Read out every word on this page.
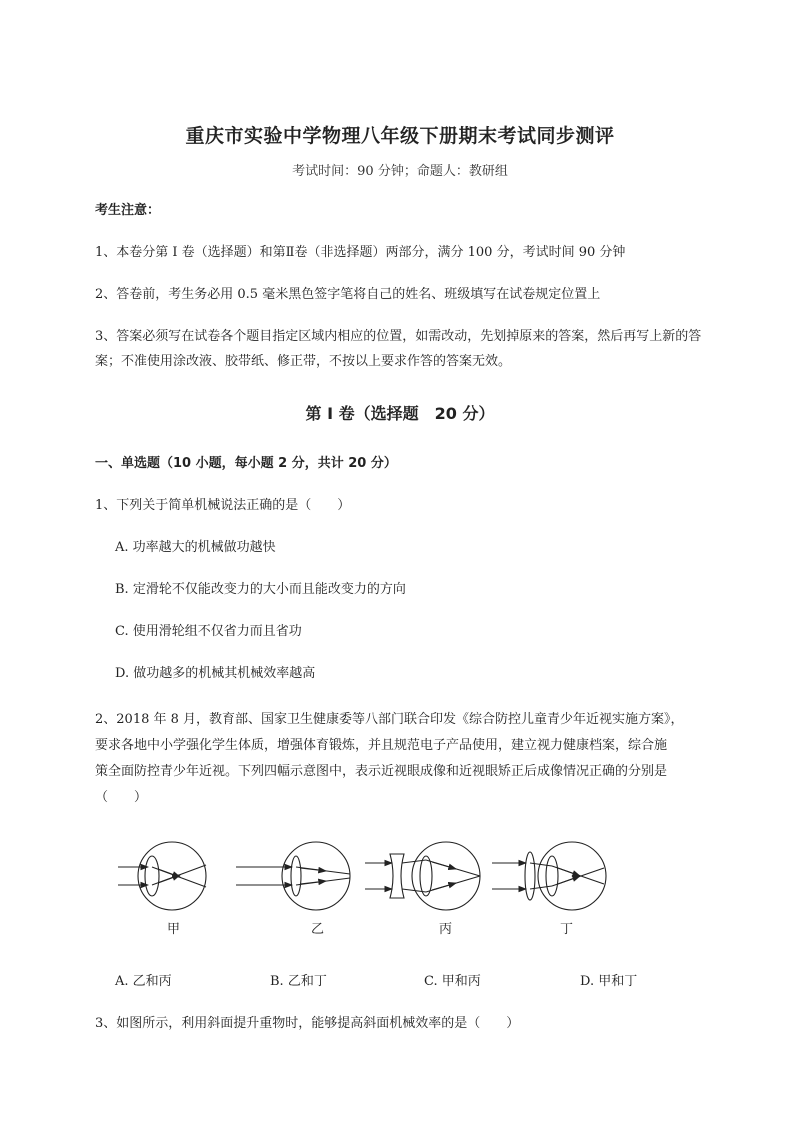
重庆市实验中学物理八年级下册期末考试同步测评
考试时间：90 分钟；命题人：教研组
考生注意：
1、本卷分第 I 卷（选择题）和第Ⅱ卷（非选择题）两部分，满分 100 分，考试时间 90 分钟
2、答卷前，考生务必用 0.5 毫米黑色签字笔将自己的姓名、班级填写在试卷规定位置上
3、答案必须写在试卷各个题目指定区域内相应的位置，如需改动，先划掉原来的答案，然后再写上新的答案；不准使用涂改液、胶带纸、修正带，不按以上要求作答的答案无效。
第 I 卷（选择题　20 分）
一、单选题（10 小题，每小题 2 分，共计 20 分）
1、下列关于简单机械说法正确的是（　　）
A. 功率越大的机械做功越快
B. 定滑轮不仅能改变力的大小而且能改变力的方向
C. 使用滑轮组不仅省力而且省功
D. 做功越多的机械其机械效率越高
2、2018 年 8 月，教育部、国家卫生健康委等八部门联合印发《综合防控儿童青少年近视实施方案》，
要求各地中小学强化学生体质，增强体育锻炼，并且规范电子产品使用，建立视力健康档案，综合施
策全面防控青少年近视。下列四幅示意图中，表示近视眼成像和近视眼矫正后成像情况正确的分别是
（　　）
甲	乙	丙	丁
A. 乙和丙	B. 乙和丁	C. 甲和丙	D. 甲和丁
3、如图所示，利用斜面提升重物时，能够提高斜面机械效率的是（　　）
